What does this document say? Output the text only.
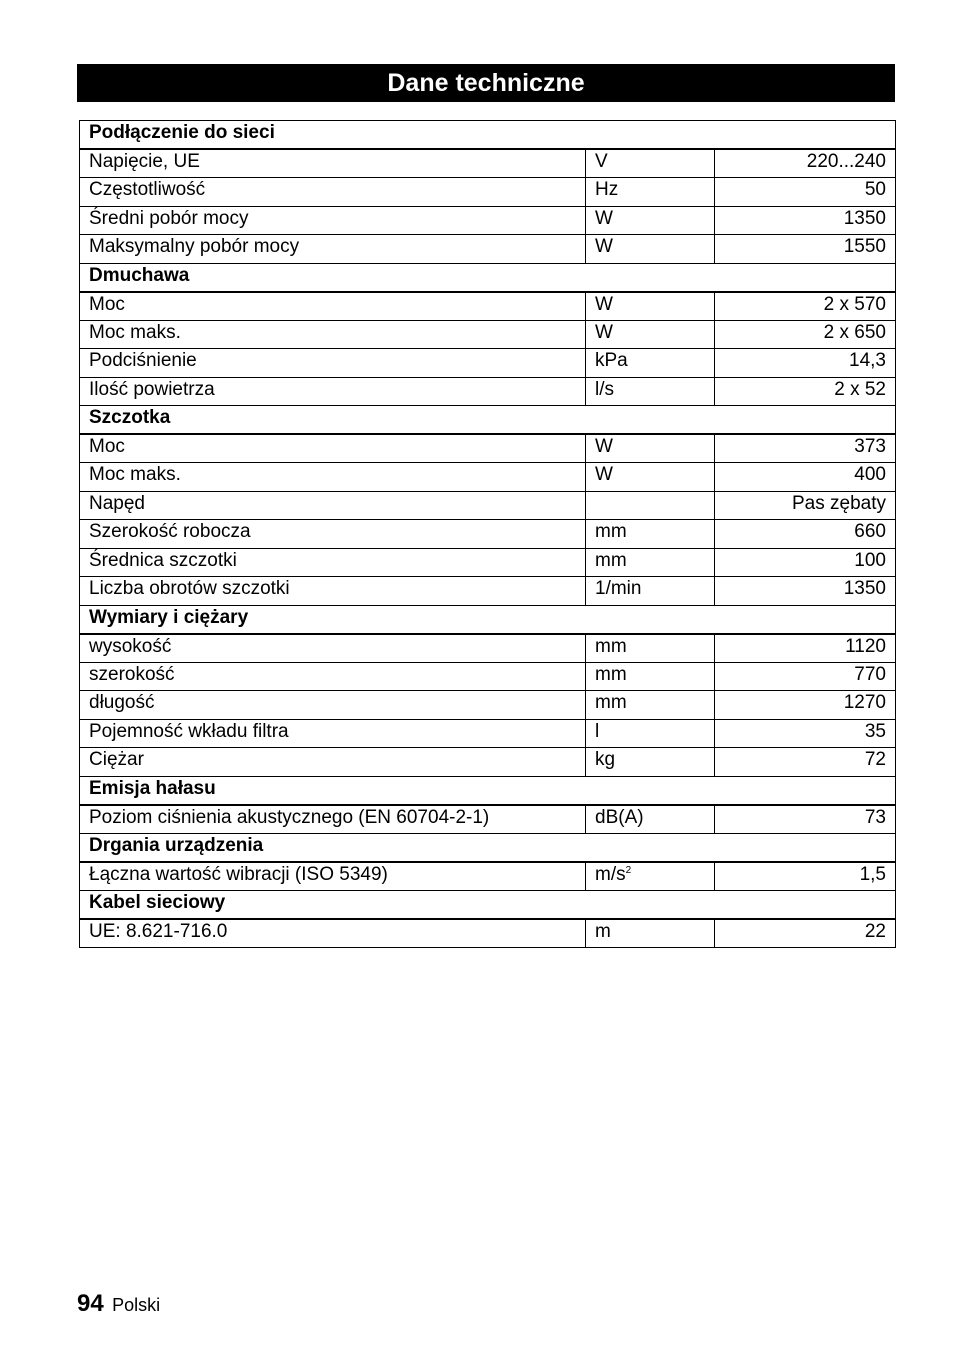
Dane techniczne
Podłączenie do sieci		
Napięcie, UE	V	220...240
Częstotliwość	Hz	50
Średni pobór mocy	W	1350
Maksymalny pobór mocy	W	1550
Dmuchawa		
Moc	W	2 x 570
Moc maks.	W	2 x 650
Podciśnienie	kPa	14,3
Ilość powietrza	l/s	2 x 52
Szczotka		
Moc	W	373
Moc maks.	W	400
Napęd		Pas zębaty
Szerokość robocza	mm	660
Średnica szczotki	mm	100
Liczba obrotów szczotki	1/min	1350
Wymiary i ciężary		
wysokość	mm	1120
szerokość	mm	770
długość	mm	1270
Pojemność wkładu filtra	l	35
Ciężar	kg	72
Emisja hałasu		
Poziom ciśnienia akustycznego (EN 60704-2-1)	dB(A)	73
Drgania urządzenia		
Łączna wartość wibracji (ISO 5349)	$m/s^2$	1,5
Kabel sieciowy		
UE: 8.621-716.0	m	22
94 Polski
